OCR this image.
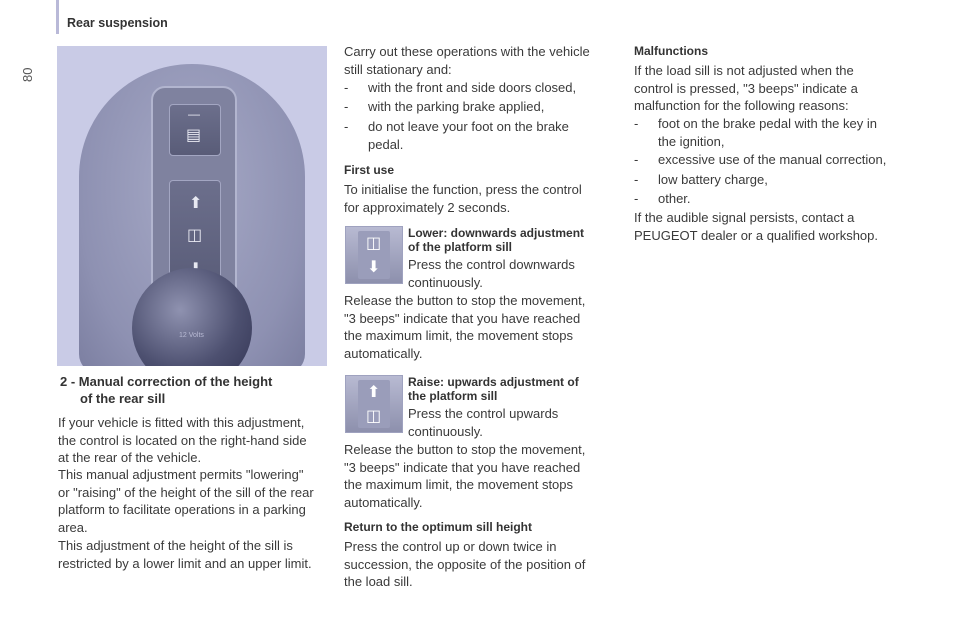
80
Rear suspension
—
▤
⬆
◫
12 Volts
2 - Manual correction of the height
of the rear sill
If your vehicle is fitted with this adjustment,
the control is located on the right-hand side
at the rear of the vehicle.
This manual adjustment permits "lowering"
or "raising" of the height of the sill of the rear
platform to facilitate operations in a parking
area.
This adjustment of the height of the sill is
restricted by a lower limit and an upper limit.
Carry out these operations with the vehicle
still stationary and:
- with the front and side doors closed,
- with the parking brake applied,
- do not leave your foot on the brake
pedal.
First use
To initialise the function, press the control
for approximately 2 seconds.
◫
⬇
Lower: downwards adjustment
of the platform sill
Press the control downwards
continuously.
Release the button to stop the movement,
"3 beeps" indicate that you have reached
the maximum limit, the movement stops
automatically.
⬆
◫
Raise: upwards adjustment of
the platform sill
Press the control upwards
continuously.
Release the button to stop the movement,
"3 beeps" indicate that you have reached
the maximum limit, the movement stops
automatically.
Return to the optimum sill height
Press the control up or down twice in
succession, the opposite of the position of
the load sill.
Malfunctions
If the load sill is not adjusted when the
control is pressed, "3 beeps" indicate a
malfunction for the following reasons:
- foot on the brake pedal with the key in
the ignition,
- excessive use of the manual correction,
- low battery charge,
- other.
If the audible signal persists, contact a
PEUGEOT dealer or a qualified workshop.
